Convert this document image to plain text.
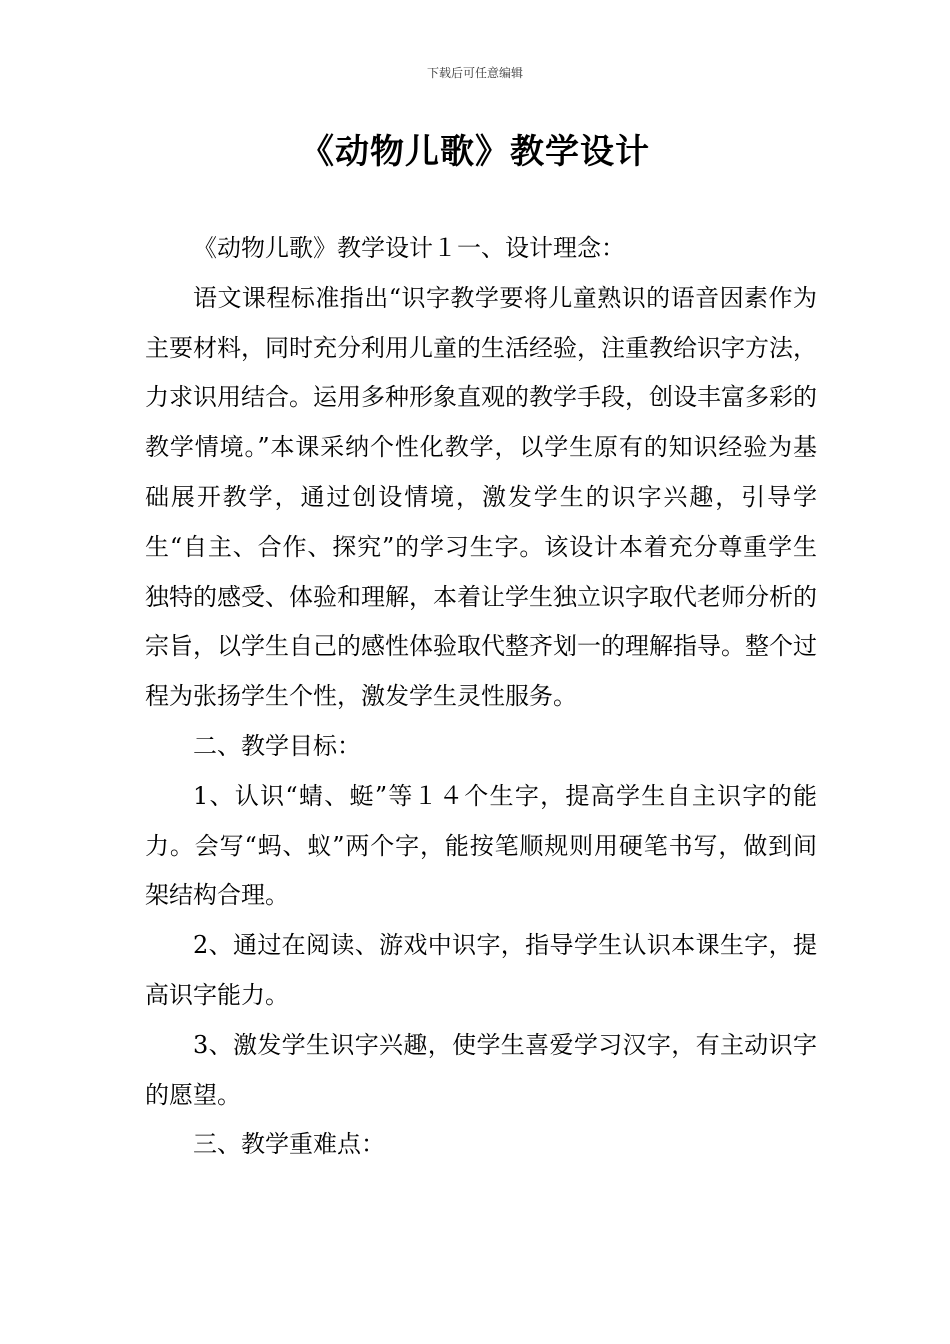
下载后可任意编辑
《动物儿歌》教学设计

《动物儿歌》教学设计１一、设计理念：

语文课程标准指出“识字教学要将儿童熟识的语音因素作为主要材料，同时充分利用儿童的生活经验，注重教给识字方法，力求识用结合。运用多种形象直观的教学手段，创设丰富多彩的教学情境。”本课采纳个性化教学，以学生原有的知识经验为基础展开教学，通过创设情境，激发学生的识字兴趣，引导学生“自主、合作、探究”的学习生字。该设计本着充分尊重学生独特的感受、体验和理解，本着让学生独立识字取代老师分析的宗旨，以学生自己的感性体验取代整齐划一的理解指导。整个过程为张扬学生个性，激发学生灵性服务。

二、教学目标：

1、认识“蜻、蜓”等１４个生字，提高学生自主识字的能力。会写“蚂、蚁”两个字，能按笔顺规则用硬笔书写，做到间架结构合理。

2、通过在阅读、游戏中识字，指导学生认识本课生字，提高识字能力。

3、激发学生识字兴趣，使学生喜爱学习汉字，有主动识字的愿望。

三、教学重难点：
